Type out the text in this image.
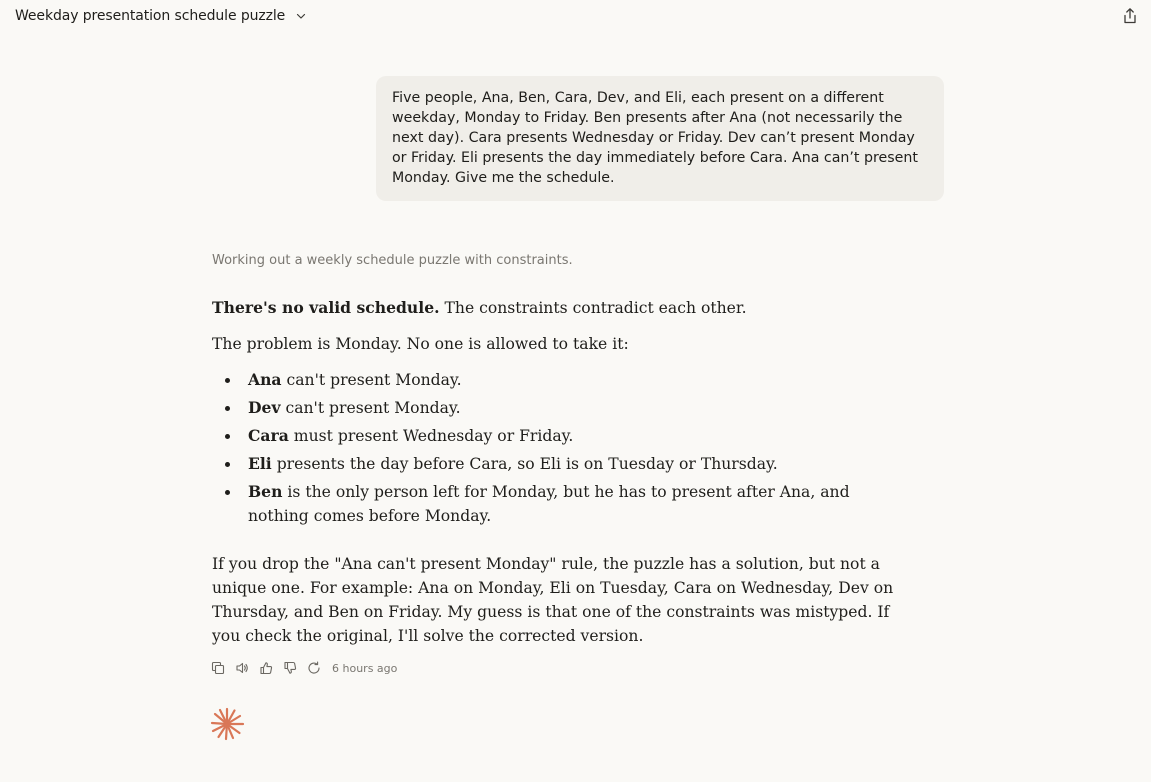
Weekday presentation schedule puzzle
Five people, Ana, Ben, Cara, Dev, and Eli, each present on a different weekday, Monday to Friday. Ben presents after Ana (not necessarily the next day). Cara presents Wednesday or Friday. Dev can’t present Monday or Friday. Eli presents the day immediately before Cara. Ana can’t present Monday. Give me the schedule.
Working out a weekly schedule puzzle with constraints.

There's no valid schedule. The constraints contradict each other.

The problem is Monday. No one is allowed to take it:

Ana can't present Monday.
Dev can't present Monday.
Cara must present Wednesday or Friday.
Eli presents the day before Cara, so Eli is on Tuesday or Thursday.
Ben is the only person left for Monday, but he has to present after Ana, and nothing comes before Monday.

If you drop the "Ana can't present Monday" rule, the puzzle has a solution, but not a unique one. For example: Ana on Monday, Eli on Tuesday, Cara on Wednesday, Dev on Thursday, and Ben on Friday. My guess is that one of the constraints was mistyped. If you check the original, I'll solve the corrected version.

6 hours ago
